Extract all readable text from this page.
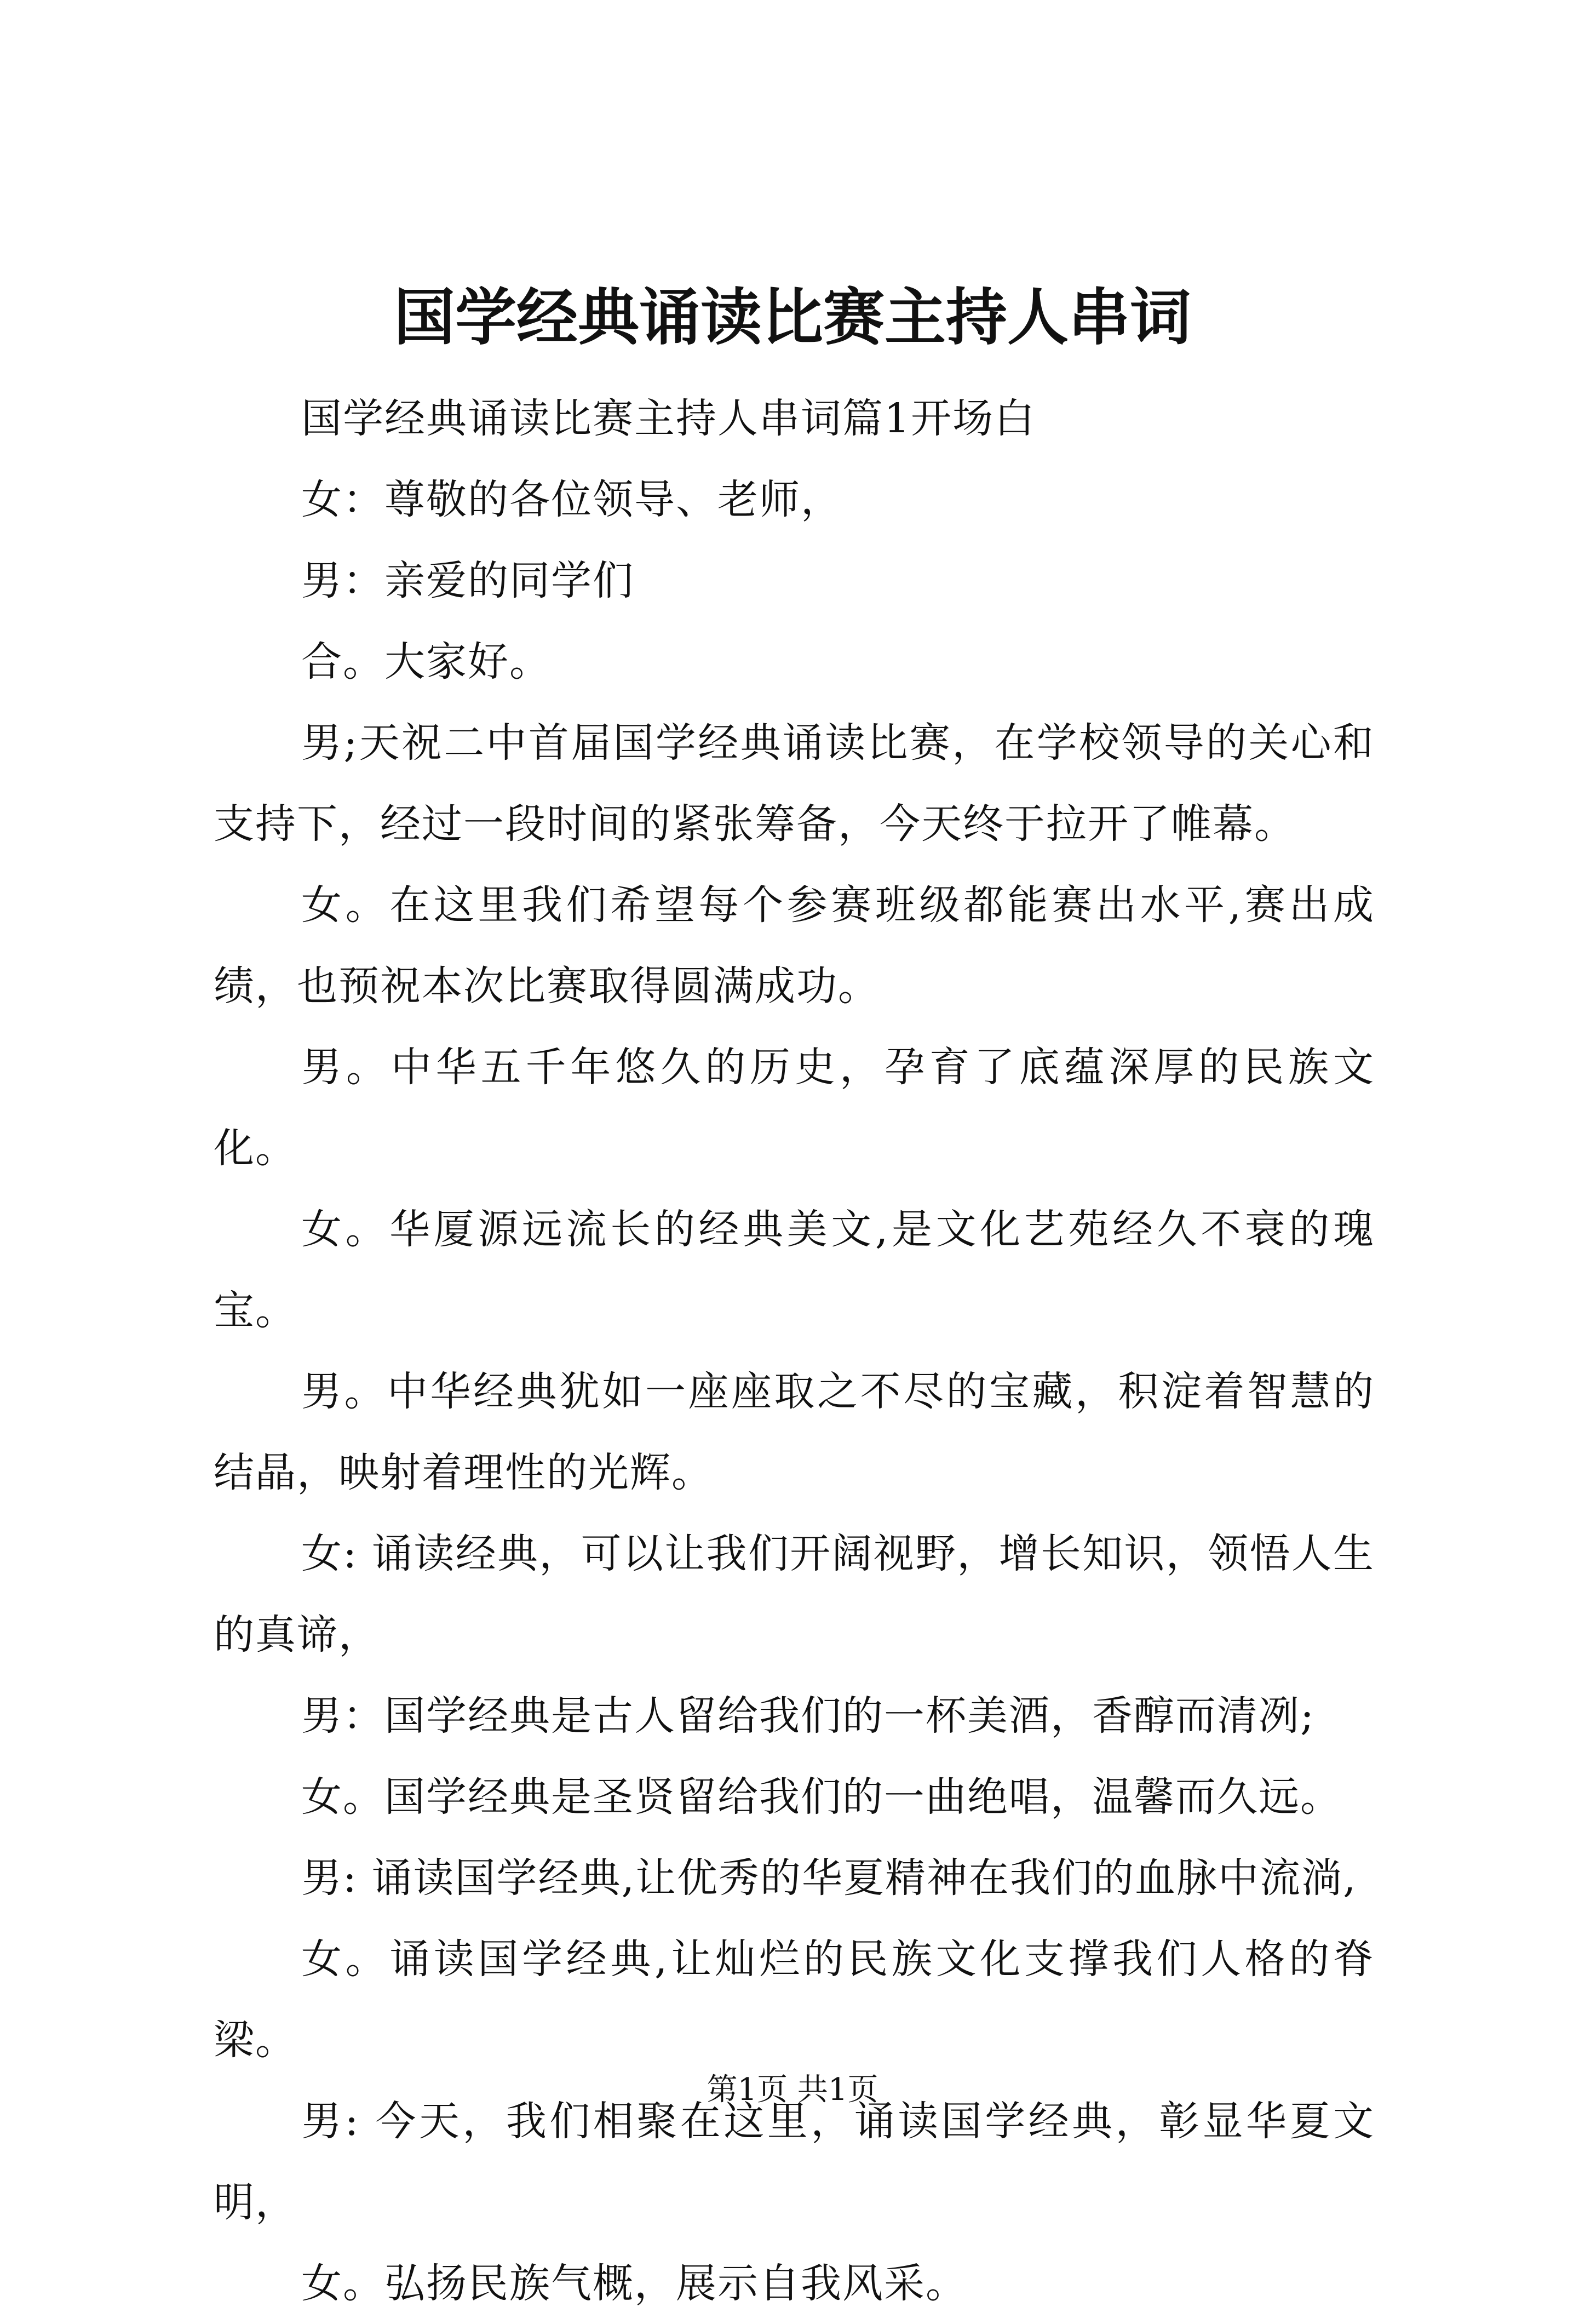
国学经典诵读比赛主持人串词

国学经典诵读比赛主持人串词篇1开场白

女：尊敬的各位领导、老师，

男：亲爱的同学们

合。大家好。

男;天祝二中首届国学经典诵读比赛，在学校领导的关心和支持下，经过一段时间的紧张筹备，今天终于拉开了帷幕。

女。在这里我们希望每个参赛班级都能赛出水平,赛出成绩，也预祝本次比赛取得圆满成功。

男。中华五千年悠久的历史，孕育了底蕴深厚的民族文化。

女。华厦源远流长的经典美文,是文化艺苑经久不衰的瑰宝。

男。中华经典犹如一座座取之不尽的宝藏，积淀着智慧的结晶，映射着理性的光辉。

女: 诵读经典，可以让我们开阔视野，增长知识，领悟人生的真谛，

男：国学经典是古人留给我们的一杯美酒，香醇而清冽;

女。国学经典是圣贤留给我们的一曲绝唱，温馨而久远。

男: 诵读国学经典,让优秀的华夏精神在我们的血脉中流淌,

女。诵读国学经典,让灿烂的民族文化支撑我们人格的脊梁。

男: 今天，我们相聚在这里，诵读国学经典，彰显华夏文明，

女。弘扬民族气概，展示自我风采。

第1页 共1页
